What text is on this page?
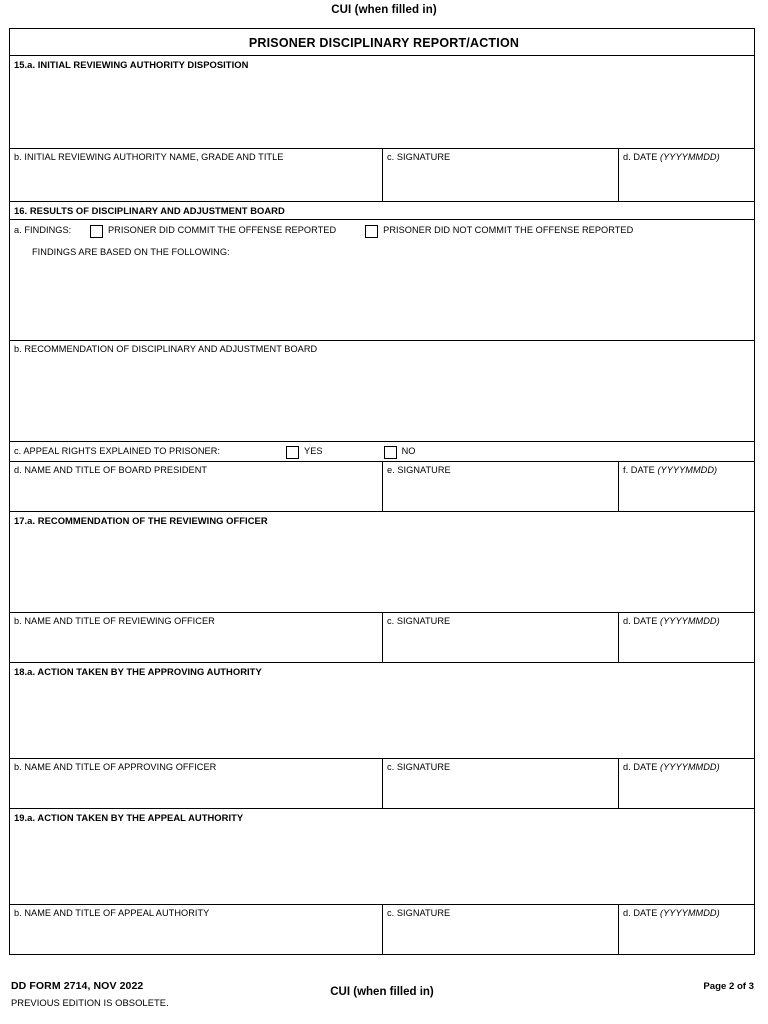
CUI (when filled in)
PRISONER DISCIPLINARY REPORT/ACTION
15.a. INITIAL REVIEWING AUTHORITY DISPOSITION
b. INITIAL REVIEWING AUTHORITY NAME, GRADE AND TITLE	c. SIGNATURE	d. DATE (YYYYMMDD)
16. RESULTS OF DISCIPLINARY AND ADJUSTMENT BOARD
a. FINDINGS:	PRISONER DID COMMIT THE OFFENSE REPORTED	PRISONER DID NOT COMMIT THE OFFENSE REPORTED
FINDINGS ARE BASED ON THE FOLLOWING:
b. RECOMMENDATION OF DISCIPLINARY AND ADJUSTMENT BOARD
c. APPEAL RIGHTS EXPLAINED TO PRISONER:	YES	NO
d. NAME AND TITLE OF BOARD PRESIDENT	e. SIGNATURE	f. DATE (YYYYMMDD)
17.a. RECOMMENDATION OF THE REVIEWING OFFICER
b. NAME AND TITLE OF REVIEWING OFFICER	c. SIGNATURE	d. DATE (YYYYMMDD)
18.a. ACTION TAKEN BY THE APPROVING AUTHORITY
b. NAME AND TITLE OF APPROVING OFFICER	c. SIGNATURE	d. DATE (YYYYMMDD)
19.a. ACTION TAKEN BY THE APPEAL AUTHORITY
b. NAME AND TITLE OF APPEAL AUTHORITY	c. SIGNATURE	d. DATE (YYYYMMDD)
DD FORM 2714, NOV 2022
PREVIOUS EDITION IS OBSOLETE.
CUI (when filled in)	Page 2 of 3
